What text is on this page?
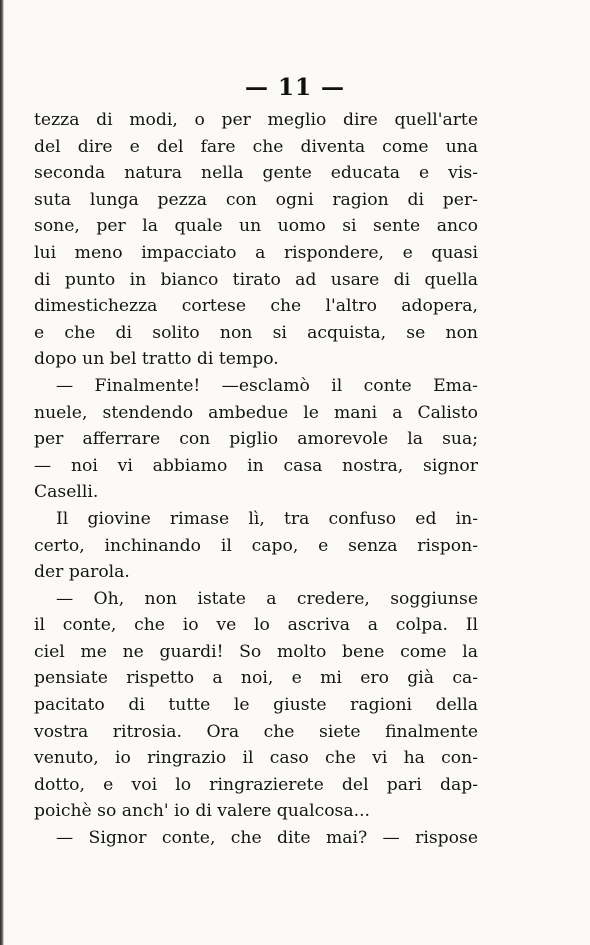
— 11 —
tezza di modi, o per meglio dire quell'arte
del dire e del fare che diventa come una
seconda natura nella gente educata e vis-
suta lunga pezza con ogni ragion di per-
sone, per la quale un uomo si sente anco
lui meno impacciato a rispondere, e quasi
di punto in bianco tirato ad usare di quella
dimestichezza cortese che l'altro adopera,
e che di solito non si acquista, se non
dopo un bel tratto di tempo.
— Finalmente! —esclamò il conte Ema-
nuele, stendendo ambedue le mani a Calisto
per afferrare con piglio amorevole la sua;
— noi vi abbiamo in casa nostra, signor
Caselli.
Il giovine rimase lì, tra confuso ed in-
certo, inchinando il capo, e senza rispon-
der parola.
— Oh, non istate a credere, soggiunse
il conte, che io ve lo ascriva a colpa. Il
ciel me ne guardi! So molto bene come la
pensiate rispetto a noi, e mi ero già ca-
pacitato di tutte le giuste ragioni della
vostra ritrosia. Ora che siete finalmente
venuto, io ringrazio il caso che vi ha con-
dotto, e voi lo ringrazierete del pari dap-
poichè so anch' io di valere qualcosa...
— Signor conte, che dite mai? — rispose
